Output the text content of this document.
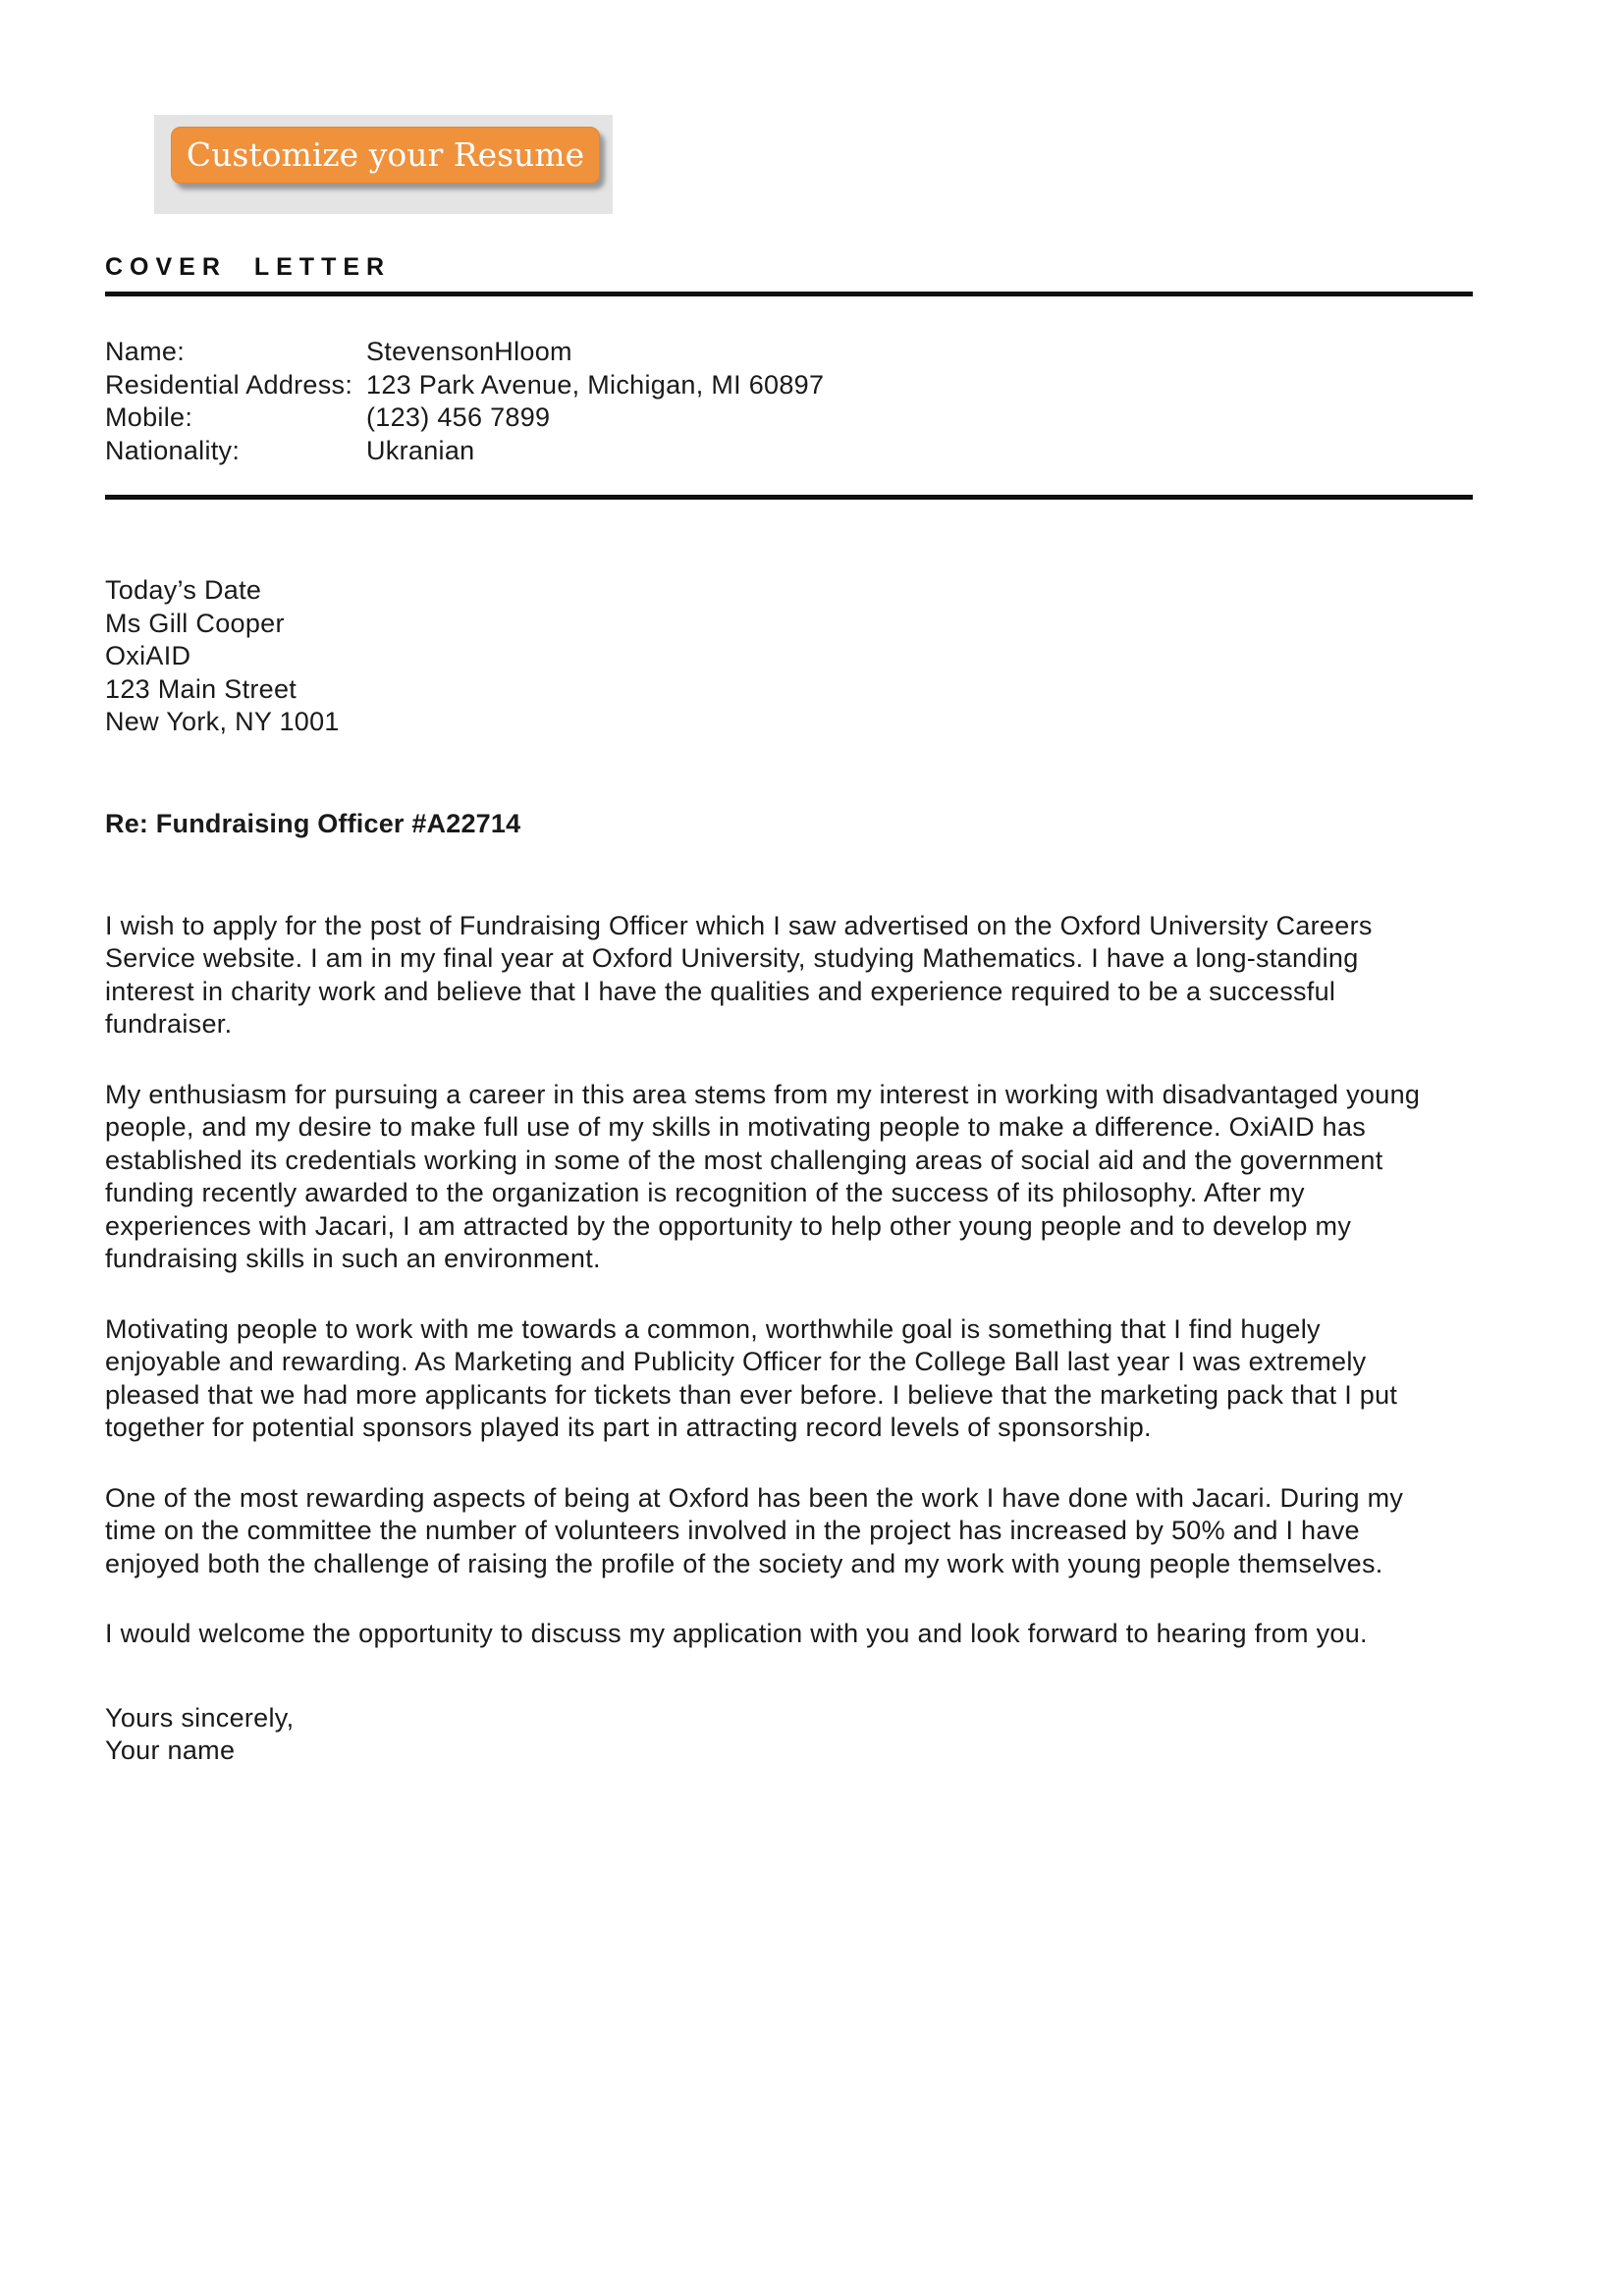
Customize your Resume
COVER LETTER
Name:	StevensonHloom
Residential Address: 123 Park Avenue, Michigan, MI 60897
Mobile:	(123) 456 7899
Nationality:	Ukranian
Today’s Date
Ms Gill Cooper
OxiAID
123 Main Street
New York, NY 1001

Re: Fundraising Officer #A22714

I wish to apply for the post of Fundraising Officer which I saw advertised on the Oxford University Careers Service website. I am in my final year at Oxford University, studying Mathematics. I have a long-standing interest in charity work and believe that I have the qualities and experience required to be a successful fundraiser.

My enthusiasm for pursuing a career in this area stems from my interest in working with disadvantaged young people, and my desire to make full use of my skills in motivating people to make a difference. OxiAID has established its credentials working in some of the most challenging areas of social aid and the government funding recently awarded to the organization is recognition of the success of its philosophy. After my experiences with Jacari, I am attracted by the opportunity to help other young people and to develop my fundraising skills in such an environment.

Motivating people to work with me towards a common, worthwhile goal is something that I find hugely enjoyable and rewarding. As Marketing and Publicity Officer for the College Ball last year I was extremely pleased that we had more applicants for tickets than ever before. I believe that the marketing pack that I put together for potential sponsors played its part in attracting record levels of sponsorship.

One of the most rewarding aspects of being at Oxford has been the work I have done with Jacari. During my time on the committee the number of volunteers involved in the project has increased by 50% and I have enjoyed both the challenge of raising the profile of the society and my work with young people themselves.

I would welcome the opportunity to discuss my application with you and look forward to hearing from you.

Yours sincerely,
Your name
